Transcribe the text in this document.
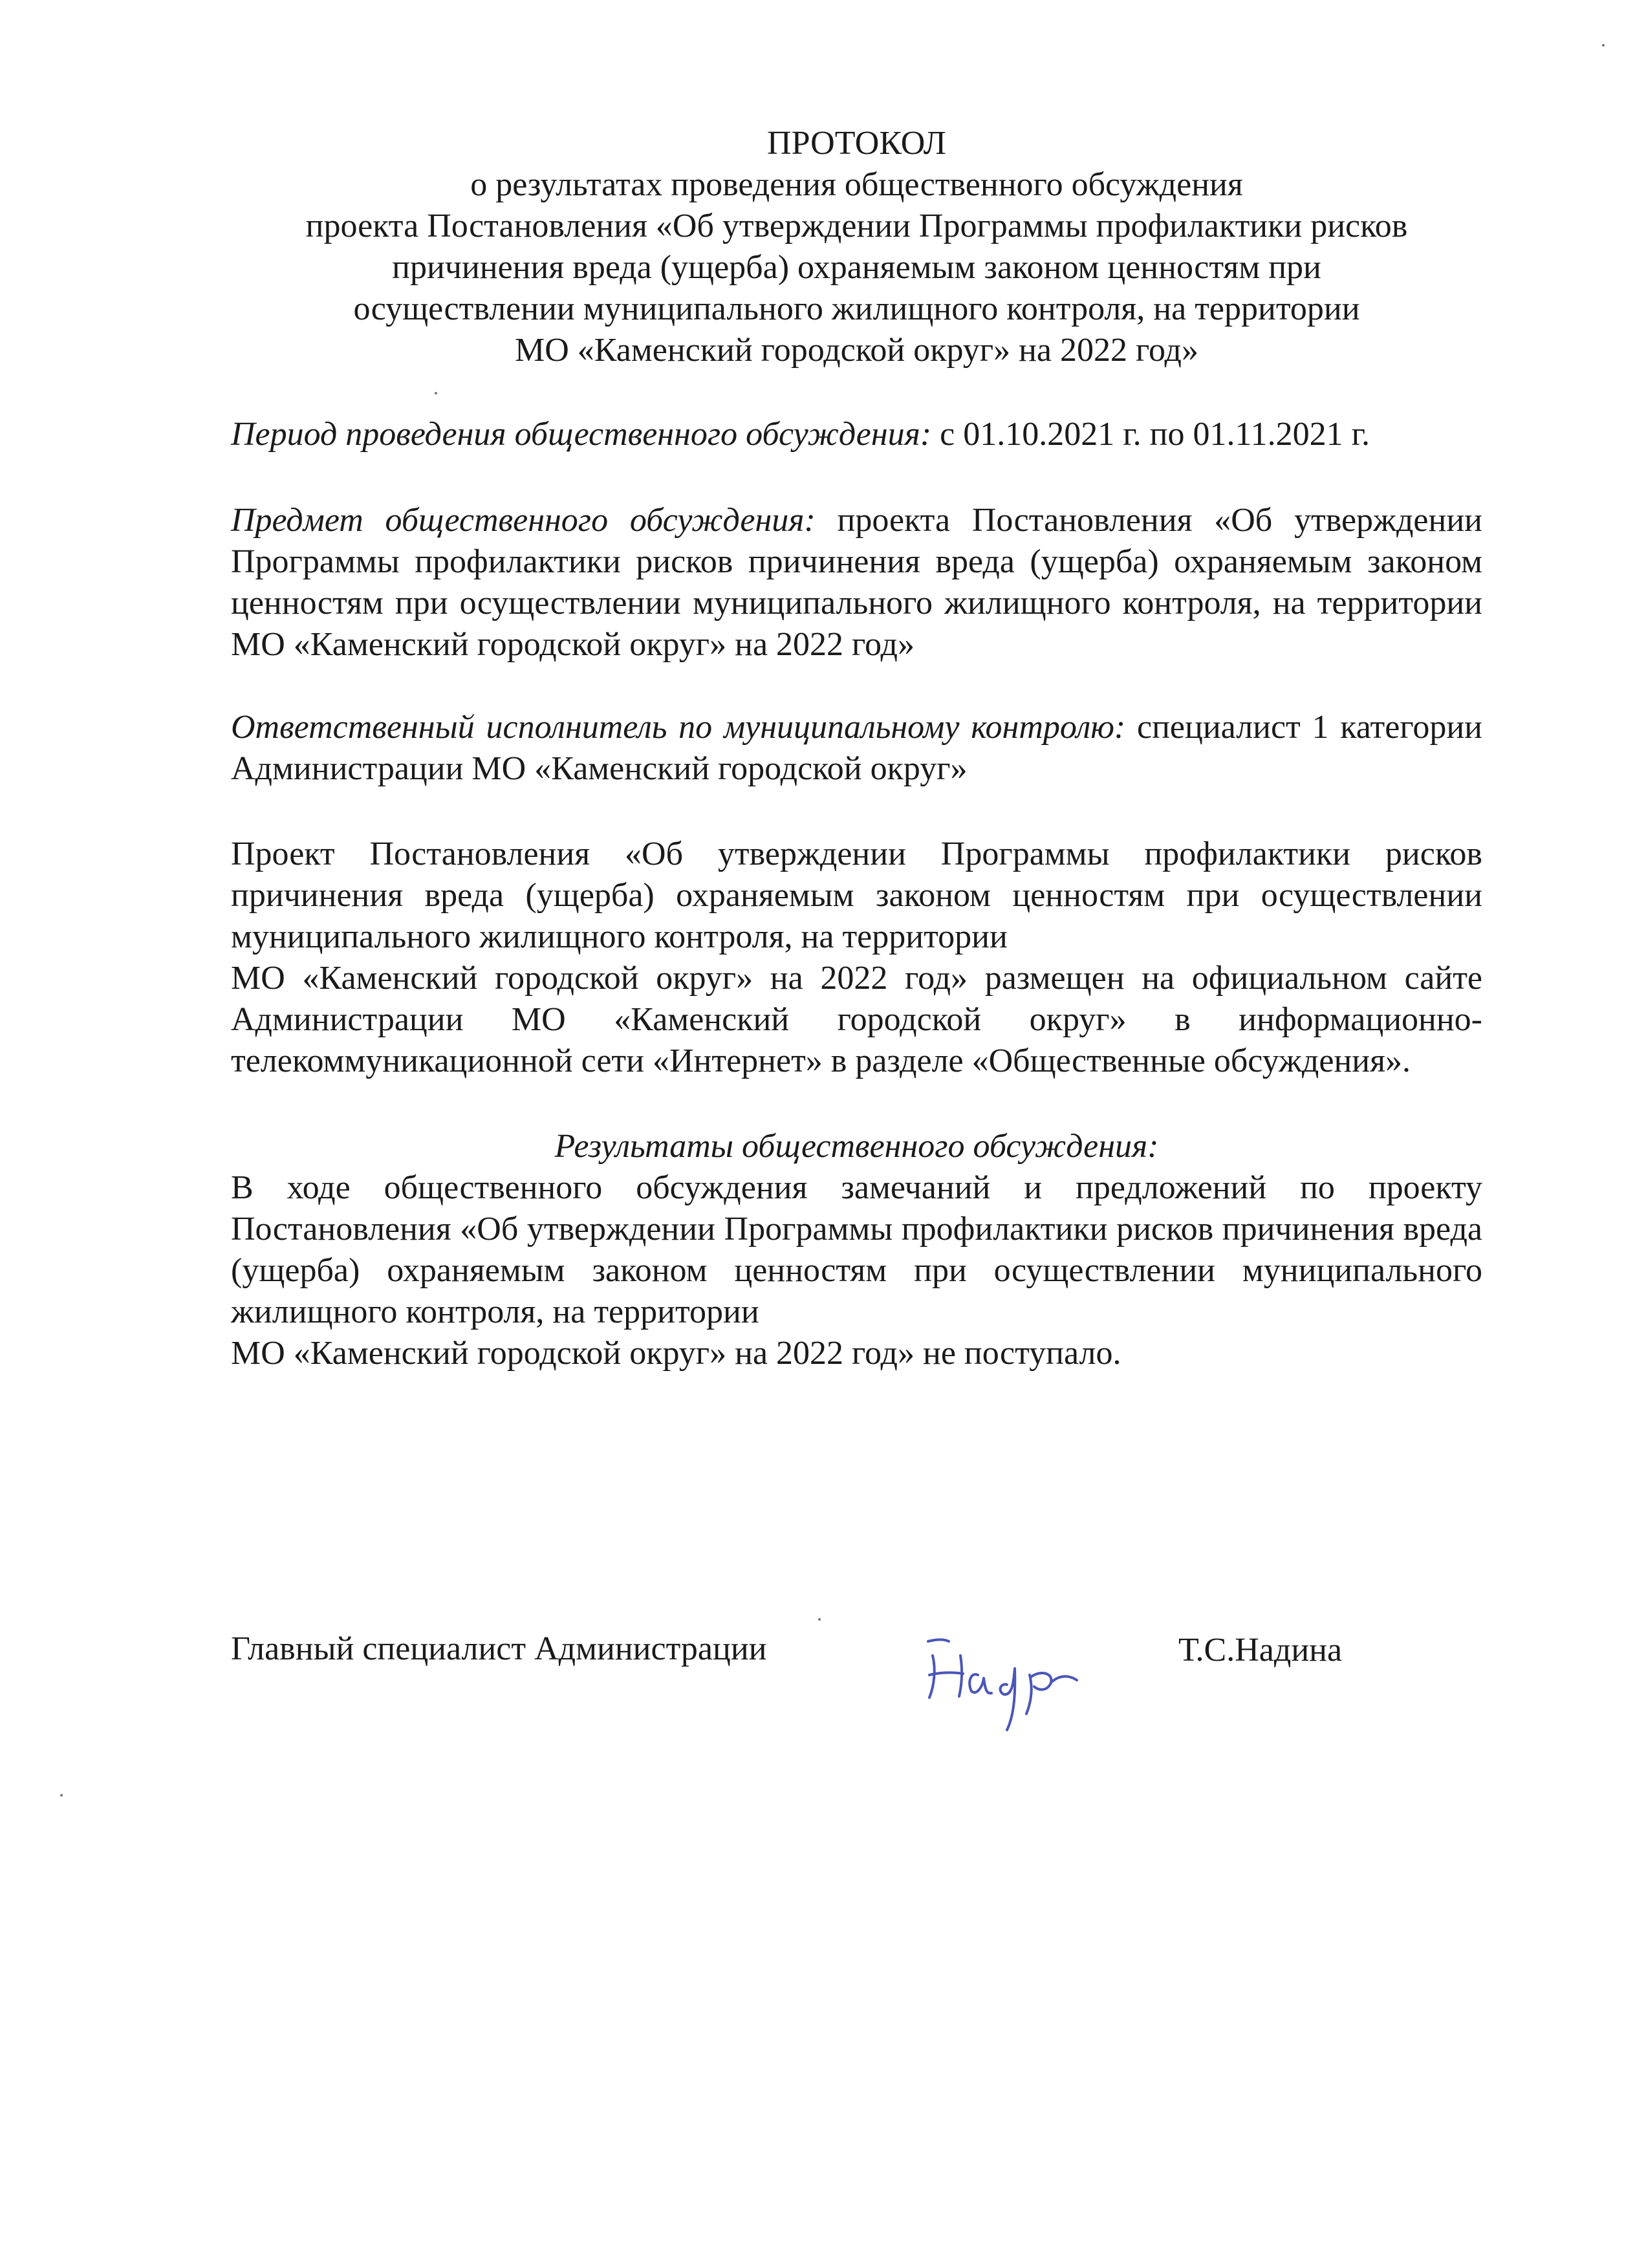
ПРОТОКОЛ
о результатах проведения общественного обсуждения
проекта Постановления «Об утверждении Программы профилактики рисков
причинения вреда (ущерба) охраняемым законом ценностям при
осуществлении муниципального жилищного контроля, на территории
МО «Каменский городской округ» на 2022 год»

Период проведения общественного обсуждения: с 01.10.2021 г. по 01.11.2021 г.

Предмет общественного обсуждения: проекта Постановления «Об утверждении Программы профилактики рисков причинения вреда (ущерба) охраняемым законом ценностям при осуществлении муниципального жилищного контроля, на территории МО «Каменский городской округ» на 2022 год»

Ответственный исполнитель по муниципальному контролю: специалист 1 категории Администрации МО «Каменский городской округ»

Проект Постановления «Об утверждении Программы профилактики рисков причинения вреда (ущерба) охраняемым законом ценностям при осуществлении муниципального жилищного контроля, на территории

МО «Каменский городской округ» на 2022 год» размещен на официальном сайте Администрации МО «Каменский городской округ» в информационно-телекоммуникационной сети «Интернет» в разделе «Общественные обсуждения».

Результаты общественного обсуждения:

В ходе общественного обсуждения замечаний и предложений по проекту Постановления «Об утверждении Программы профилактики рисков причинения вреда (ущерба) охраняемым законом ценностям при осуществлении муниципального жилищного контроля, на территории

МО «Каменский городской округ» на 2022 год» не поступало.

Главный специалист Администрации	Т.С.Надина
